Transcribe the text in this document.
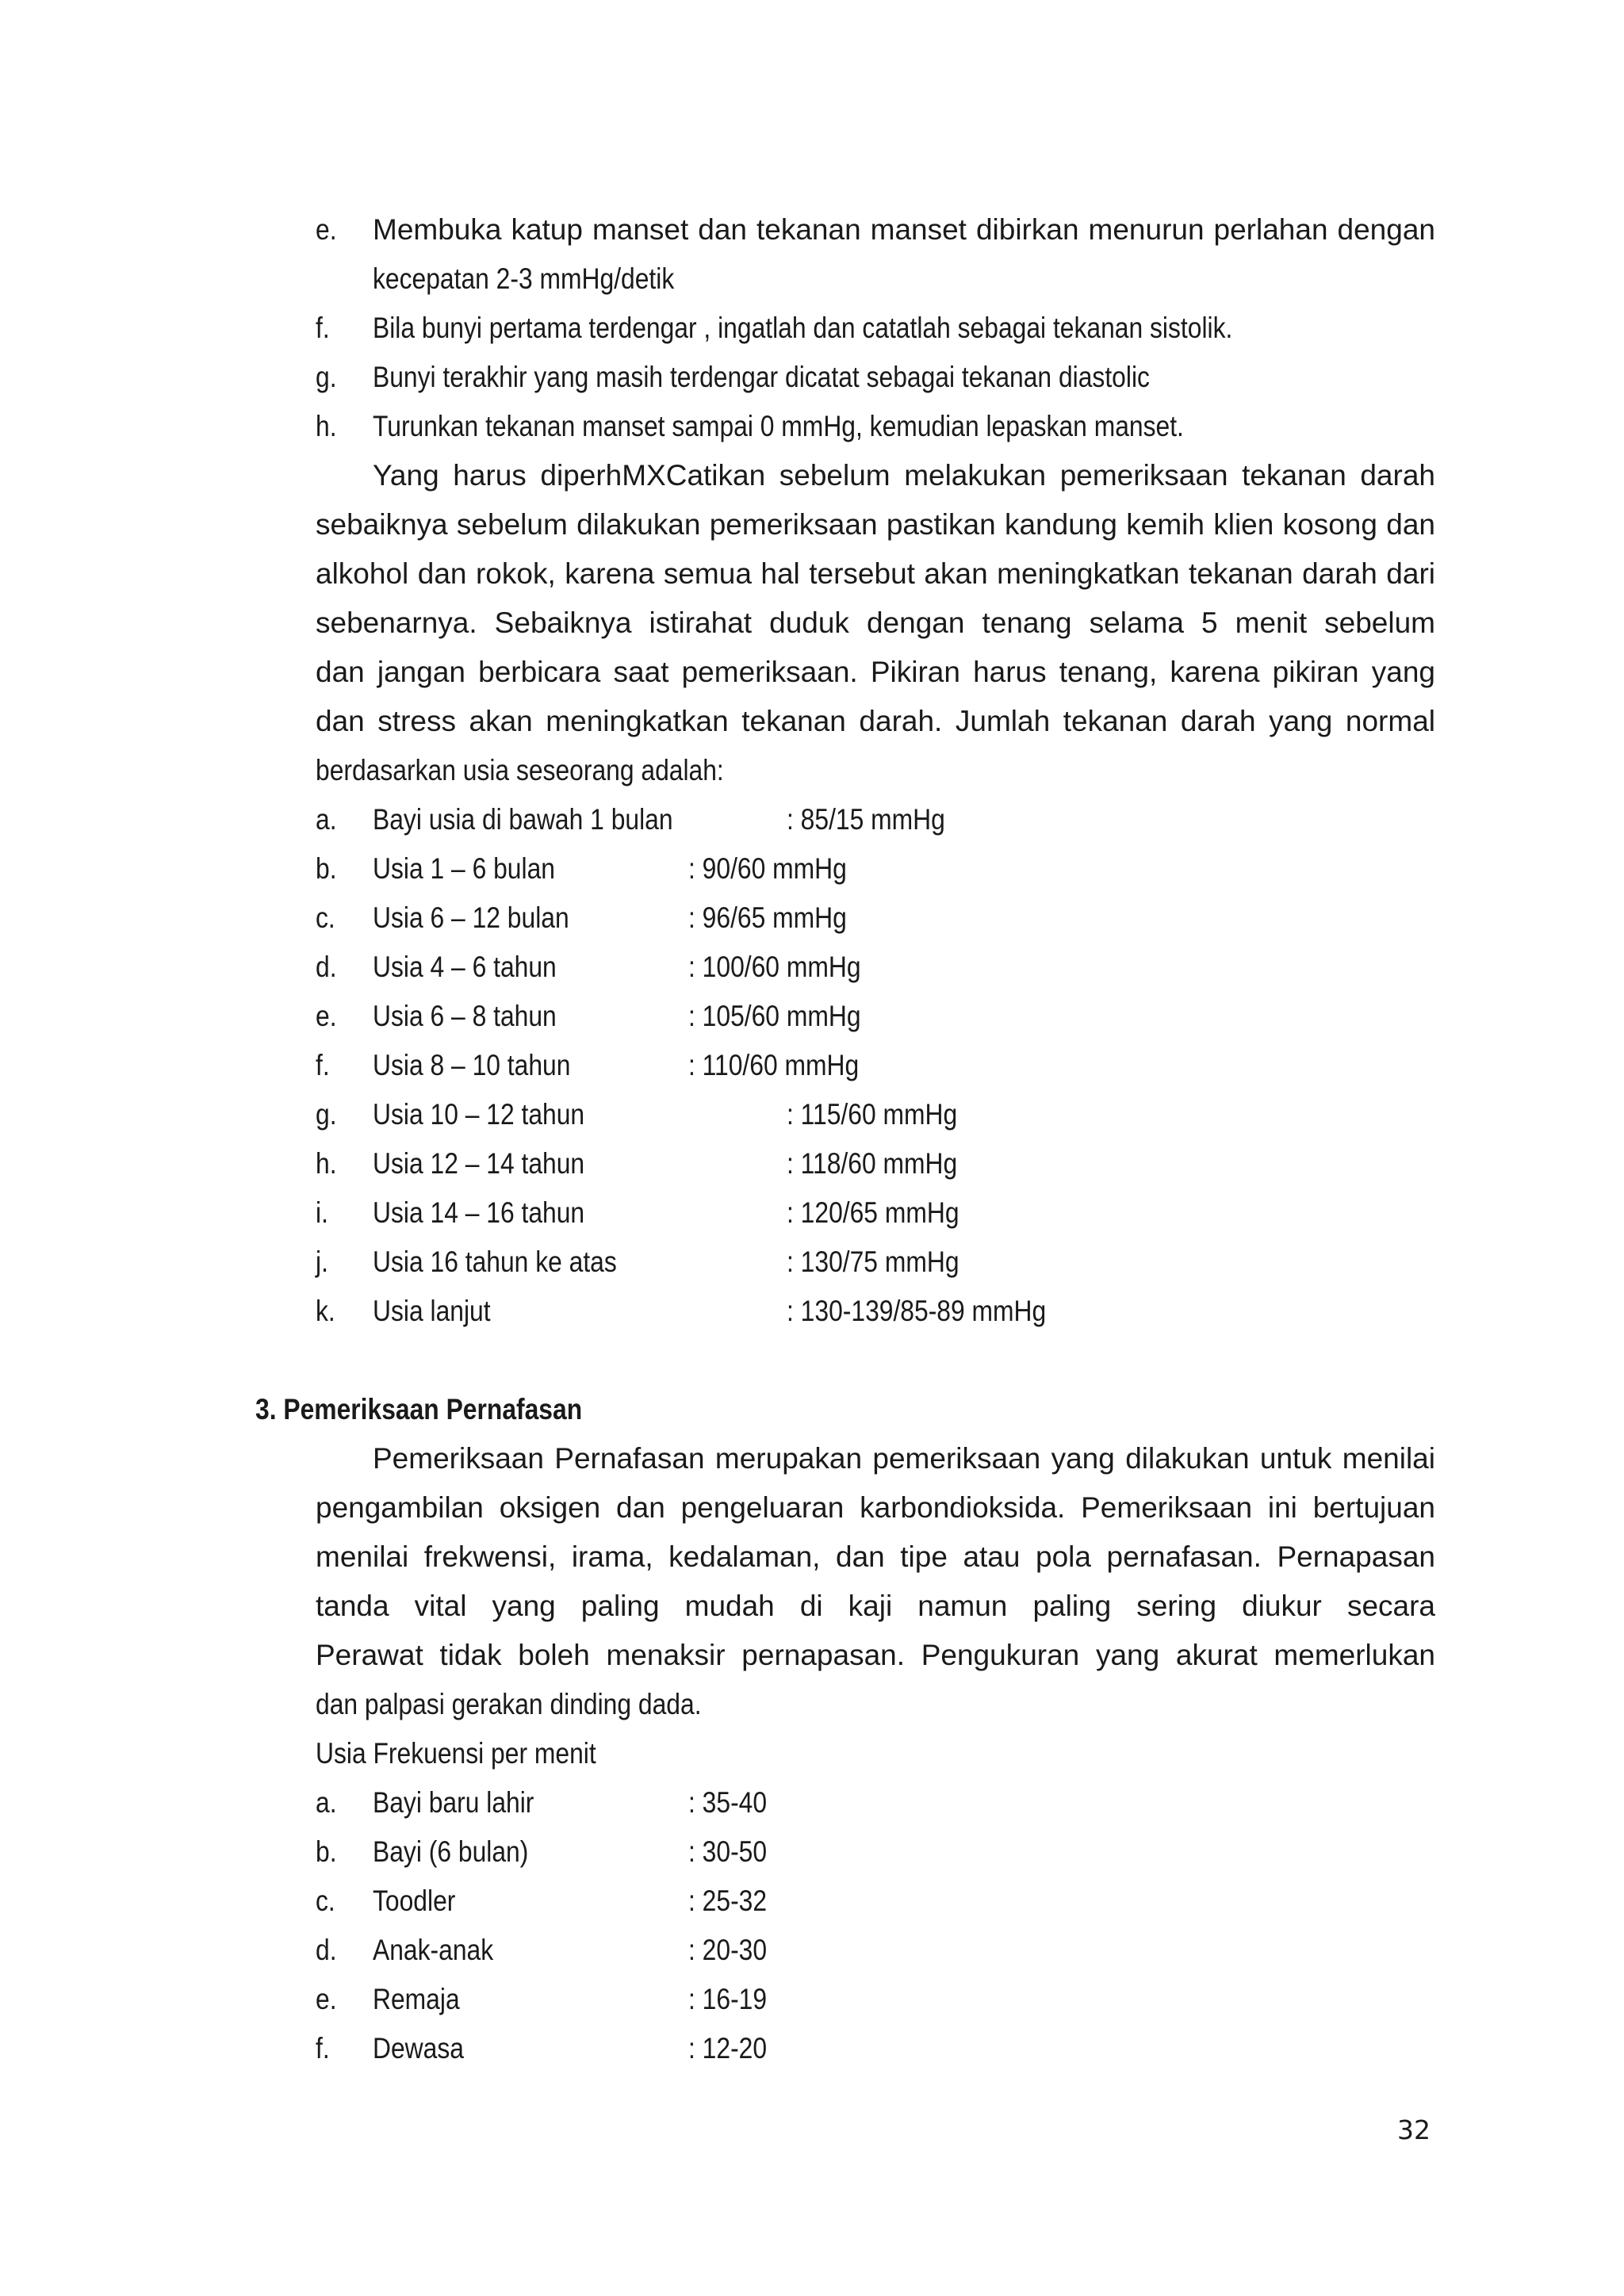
e. Membuka katup manset dan tekanan manset dibirkan menurun perlahan dengan
kecepatan 2-3 mmHg/detik
f. Bila bunyi pertama terdengar , ingatlah dan catatlah sebagai tekanan sistolik.
g. Bunyi terakhir yang masih terdengar dicatat sebagai tekanan diastolic
h. Turunkan tekanan manset sampai 0 mmHg, kemudian lepaskan manset.
Yang harus diperhMXCatikan sebelum melakukan pemeriksaan tekanan darah
sebaiknya sebelum dilakukan pemeriksaan pastikan kandung kemih klien kosong dan
alkohol dan rokok, karena semua hal tersebut akan meningkatkan tekanan darah dari
sebenarnya. Sebaiknya istirahat duduk dengan tenang selama 5 menit sebelum
dan jangan berbicara saat pemeriksaan. Pikiran harus tenang, karena pikiran yang
dan stress akan meningkatkan tekanan darah. Jumlah tekanan darah yang normal
berdasarkan usia seseorang adalah:
a. Bayi usia di bawah 1 bulan	: 85/15 mmHg
b. Usia 1 – 6 bulan	: 90/60 mmHg
c. Usia 6 – 12 bulan	: 96/65 mmHg
d. Usia 4 – 6 tahun	: 100/60 mmHg
e. Usia 6 – 8 tahun	: 105/60 mmHg
f. Usia 8 – 10 tahun	: 110/60 mmHg
g. Usia 10 – 12 tahun	: 115/60 mmHg
h. Usia 12 – 14 tahun	: 118/60 mmHg
i. Usia 14 – 16 tahun	: 120/65 mmHg
j. Usia 16 tahun ke atas	: 130/75 mmHg
k. Usia lanjut	: 130-139/85-89 mmHg
3. Pemeriksaan Pernafasan
Pemeriksaan Pernafasan merupakan pemeriksaan yang dilakukan untuk menilai
pengambilan oksigen dan pengeluaran karbondioksida. Pemeriksaan ini bertujuan
menilai frekwensi, irama, kedalaman, dan tipe atau pola pernafasan. Pernapasan
tanda vital yang paling mudah di kaji namun paling sering diukur secara
Perawat tidak boleh menaksir pernapasan. Pengukuran yang akurat memerlukan
dan palpasi gerakan dinding dada.
Usia Frekuensi per menit
a. Bayi baru lahir	: 35-40
b. Bayi (6 bulan)	: 30-50
c. Toodler	: 25-32
d. Anak-anak	: 20-30
e. Remaja	: 16-19
f. Dewasa	: 12-20
32
